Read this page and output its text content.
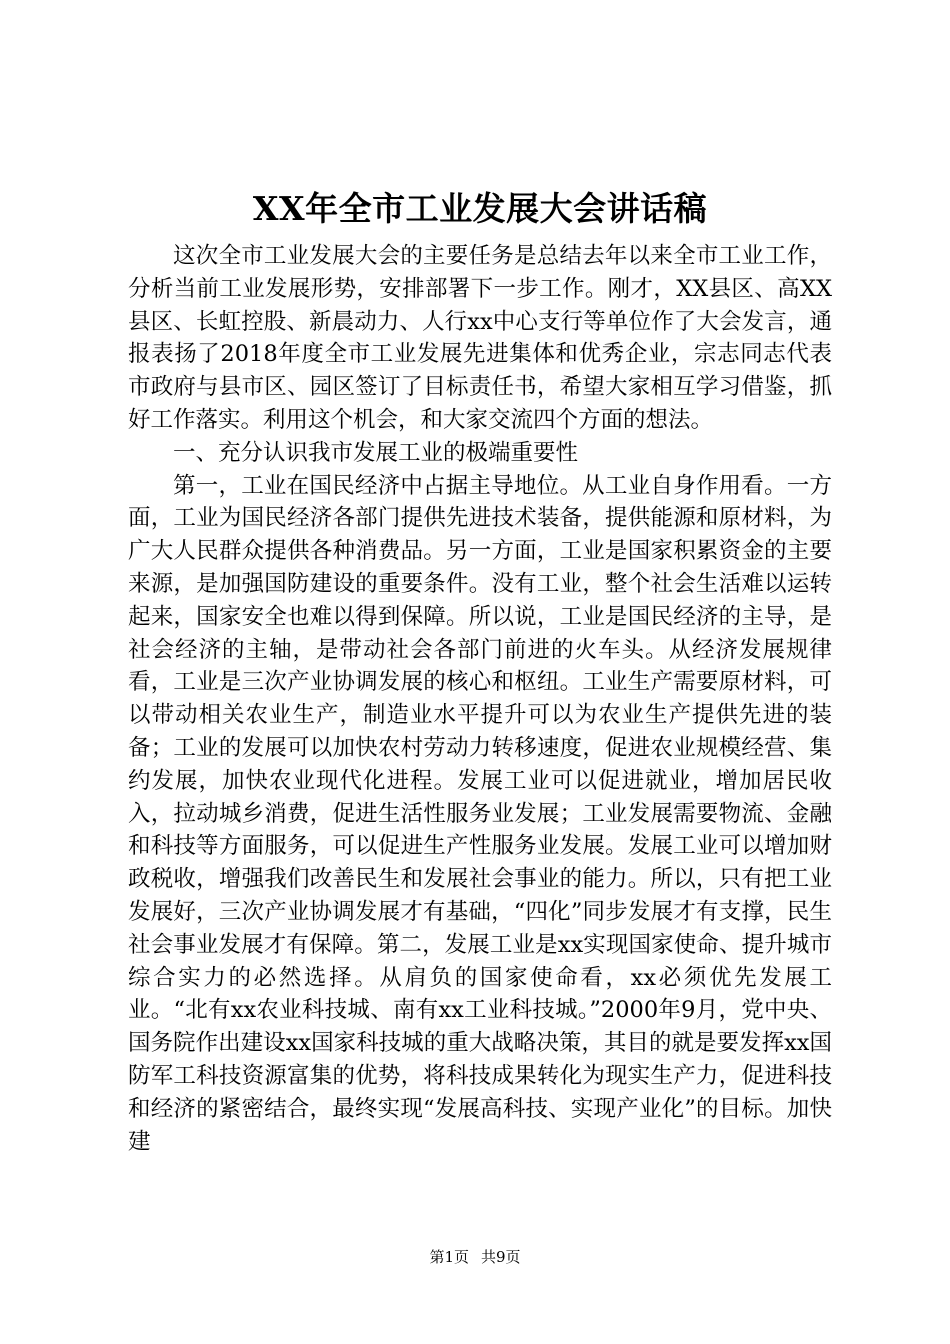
XX年全市工业发展大会讲话稿

这次全市工业发展大会的主要任务是总结去年以来全市工业工作，分析当前工业发展形势，安排部署下一步工作。刚才，XX县区、高XX县区、长虹控股、新晨动力、人行xx中心支行等单位作了大会发言，通报表扬了2018年度全市工业发展先进集体和优秀企业，宗志同志代表市政府与县市区、园区签订了目标责任书，希望大家相互学习借鉴，抓好工作落实。利用这个机会，和大家交流四个方面的想法。

一、充分认识我市发展工业的极端重要性

第一，工业在国民经济中占据主导地位。从工业自身作用看。一方面，工业为国民经济各部门提供先进技术装备，提供能源和原材料，为广大人民群众提供各种消费品。另一方面，工业是国家积累资金的主要来源，是加强国防建设的重要条件。没有工业，整个社会生活难以运转起来，国家安全也难以得到保障。所以说，工业是国民经济的主导，是社会经济的主轴，是带动社会各部门前进的火车头。从经济发展规律看，工业是三次产业协调发展的核心和枢纽。工业生产需要原材料，可以带动相关农业生产，制造业水平提升可以为农业生产提供先进的装备；工业的发展可以加快农村劳动力转移速度，促进农业规模经营、集约发展，加快农业现代化进程。发展工业可以促进就业，增加居民收入，拉动城乡消费，促进生活性服务业发展；工业发展需要物流、金融和科技等方面服务，可以促进生产性服务业发展。发展工业可以增加财政税收，增强我们改善民生和发展社会事业的能力。所以，只有把工业发展好，三次产业协调发展才有基础，“四化”同步发展才有支撑，民生社会事业发展才有保障。第二，发展工业是xx实现国家使命、提升城市综合实力的必然选择。从肩负的国家使命看，xx必须优先发展工业。“北有xx农业科技城、南有xx工业科技城。”2000年9月，党中央、国务院作出建设xx国家科技城的重大战略决策，其目的就是要发挥xx国防军工科技资源富集的优势，将科技成果转化为现实生产力，促进科技和经济的紧密结合，最终实现“发展高科技、实现产业化”的目标。加快建

第1页 共9页
